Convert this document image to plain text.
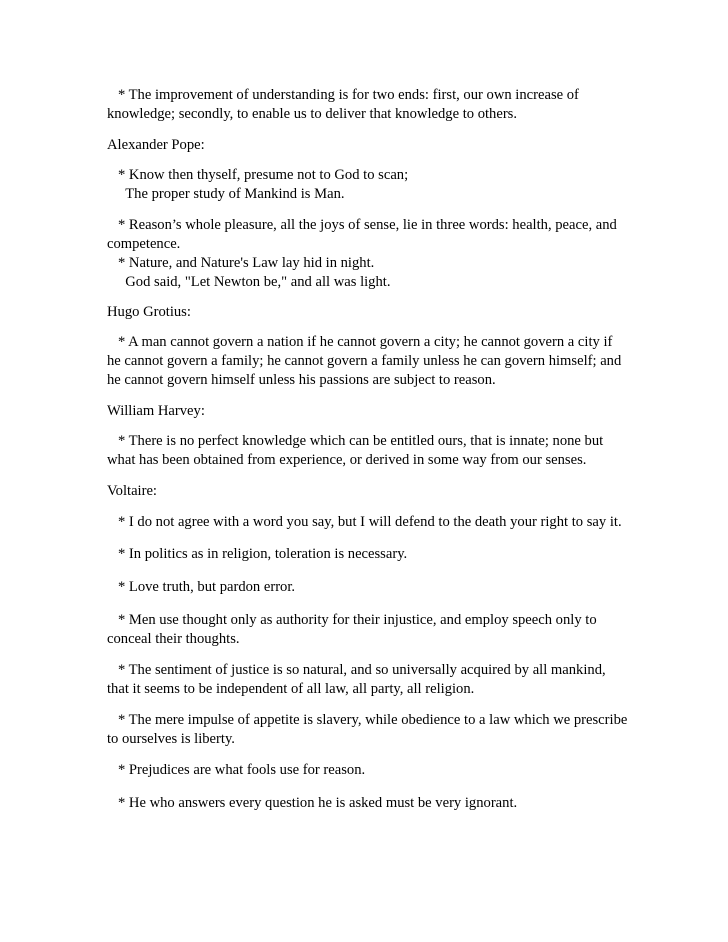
* The improvement of understanding is for two ends: first, our own increase of
knowledge; secondly, to enable us to deliver that knowledge to others.

Alexander Pope:

* Know then thyself, presume not to God to scan;
The proper study of Mankind is Man.

* Reason’s whole pleasure, all the joys of sense, lie in three words: health, peace, and
competence.
* Nature, and Nature's Law lay hid in night.
God said, "Let Newton be," and all was light.

Hugo Grotius:

* A man cannot govern a nation if he cannot govern a city; he cannot govern a city if
he cannot govern a family; he cannot govern a family unless he can govern himself; and
he cannot govern himself unless his passions are subject to reason.

William Harvey:

* There is no perfect knowledge which can be entitled ours, that is innate; none but
what has been obtained from experience, or derived in some way from our senses.

Voltaire:

* I do not agree with a word you say, but I will defend to the death your right to say it.

* In politics as in religion, toleration is necessary.

* Love truth, but pardon error.

* Men use thought only as authority for their injustice, and employ speech only to
conceal their thoughts.

* The sentiment of justice is so natural, and so universally acquired by all mankind,
that it seems to be independent of all law, all party, all religion.

* The mere impulse of appetite is slavery, while obedience to a law which we prescribe
to ourselves is liberty.

* Prejudices are what fools use for reason.

* He who answers every question he is asked must be very ignorant.
